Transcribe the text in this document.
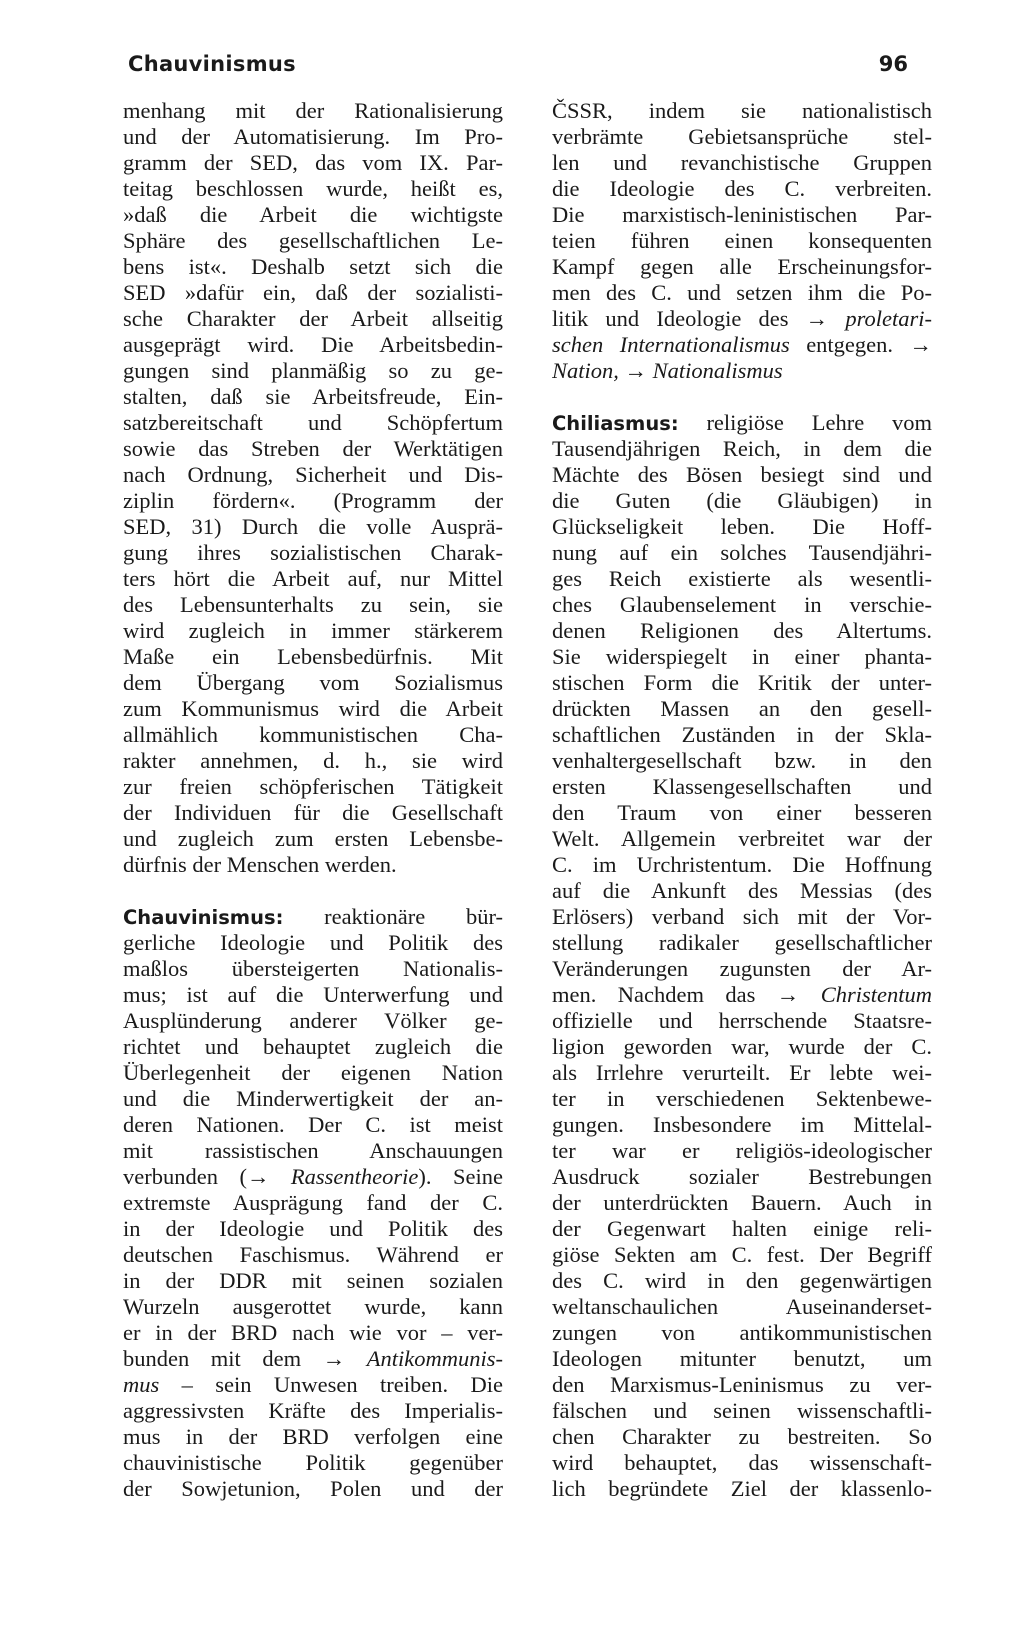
Chauvinismus	96
menhang mit der Rationalisierung
und der Automatisierung. Im Pro-
gramm der SED, das vom IX. Par-
teitag beschlossen wurde, heißt es,
»daß die Arbeit die wichtigste
Sphäre des gesellschaftlichen Le-
bens ist«. Deshalb setzt sich die
SED »dafür ein, daß der sozialisti-
sche Charakter der Arbeit allseitig
ausgeprägt wird. Die Arbeitsbedin-
gungen sind planmäßig so zu ge-
stalten, daß sie Arbeitsfreude, Ein-
satzbereitschaft und Schöpfertum
sowie das Streben der Werktätigen
nach Ordnung, Sicherheit und Dis-
ziplin fördern«. (Programm der
SED, 31) Durch die volle Ausprä-
gung ihres sozialistischen Charak-
ters hört die Arbeit auf, nur Mittel
des Lebensunterhalts zu sein, sie
wird zugleich in immer stärkerem
Maße ein Lebensbedürfnis. Mit
dem Übergang vom Sozialismus
zum Kommunismus wird die Arbeit
allmählich kommunistischen Cha-
rakter annehmen, d. h., sie wird
zur freien schöpferischen Tätigkeit
der Individuen für die Gesellschaft
und zugleich zum ersten Lebensbe-
dürfnis der Menschen werden.
Chauvinismus: reaktionäre bür-
gerliche Ideologie und Politik des
maßlos übersteigerten Nationalis-
mus; ist auf die Unterwerfung und
Ausplünderung anderer Völker ge-
richtet und behauptet zugleich die
Überlegenheit der eigenen Nation
und die Minderwertigkeit der an-
deren Nationen. Der C. ist meist
mit rassistischen Anschauungen
verbunden (→ Rassentheorie). Seine
extremste Ausprägung fand der C.
in der Ideologie und Politik des
deutschen Faschismus. Während er
in der DDR mit seinen sozialen
Wurzeln ausgerottet wurde, kann
er in der BRD nach wie vor – ver-
bunden mit dem → Antikommunis-
mus – sein Unwesen treiben. Die
aggressivsten Kräfte des Imperialis-
mus in der BRD verfolgen eine
chauvinistische Politik gegenüber
der Sowjetunion, Polen und der
ČSSR, indem sie nationalistisch
verbrämte Gebietsansprüche stel-
len und revanchistische Gruppen
die Ideologie des C. verbreiten.
Die marxistisch-leninistischen Par-
teien führen einen konsequenten
Kampf gegen alle Erscheinungsfor-
men des C. und setzen ihm die Po-
litik und Ideologie des → proletari-
schen Internationalismus entgegen. →
Nation, → Nationalismus
Chiliasmus: religiöse Lehre vom
Tausendjährigen Reich, in dem die
Mächte des Bösen besiegt sind und
die Guten (die Gläubigen) in
Glückseligkeit leben. Die Hoff-
nung auf ein solches Tausendjähri-
ges Reich existierte als wesentli-
ches Glaubenselement in verschie-
denen Religionen des Altertums.
Sie widerspiegelt in einer phanta-
stischen Form die Kritik der unter-
drückten Massen an den gesell-
schaftlichen Zuständen in der Skla-
venhaltergesellschaft bzw. in den
ersten Klassengesellschaften und
den Traum von einer besseren
Welt. Allgemein verbreitet war der
C. im Urchristentum. Die Hoffnung
auf die Ankunft des Messias (des
Erlösers) verband sich mit der Vor-
stellung radikaler gesellschaftlicher
Veränderungen zugunsten der Ar-
men. Nachdem das → Christentum
offizielle und herrschende Staatsre-
ligion geworden war, wurde der C.
als Irrlehre verurteilt. Er lebte wei-
ter in verschiedenen Sektenbewe-
gungen. Insbesondere im Mittelal-
ter war er religiös-ideologischer
Ausdruck sozialer Bestrebungen
der unterdrückten Bauern. Auch in
der Gegenwart halten einige reli-
giöse Sekten am C. fest. Der Begriff
des C. wird in den gegenwärtigen
weltanschaulichen Auseinanderset-
zungen von antikommunistischen
Ideologen mitunter benutzt, um
den Marxismus-Leninismus zu ver-
fälschen und seinen wissenschaftli-
chen Charakter zu bestreiten. So
wird behauptet, das wissenschaft-
lich begründete Ziel der klassenlo-
